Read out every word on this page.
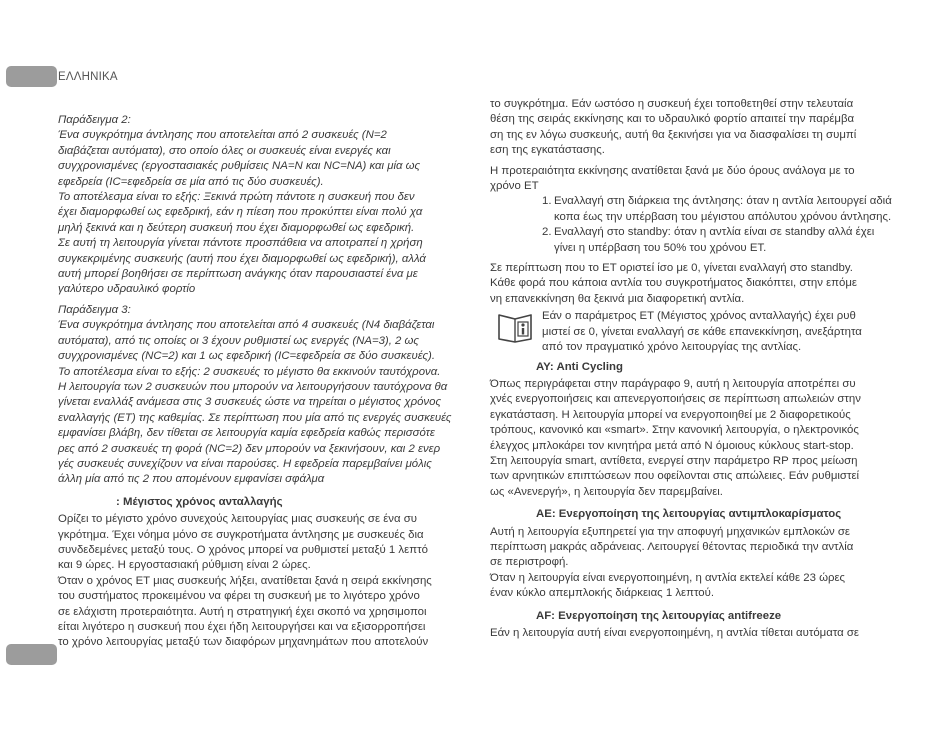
ΕΛΛΗΝΙΚΑ

Παράδειγμα 2:

Ένα συγκρότημα άντλησης που αποτελείται από 2 συσκευές (N=2
διαβάζεται αυτόματα), στο οποίο όλες οι συσκευές είναι ενεργές και
συγχρονισμένες (εργοστασιακές ρυθμίσεις NA=N και NC=NA) και μία ως
εφεδρεία (IC=εφεδρεία σε μία από τις δύο συσκευές).
Το αποτέλεσμα είναι το εξής: Ξεκινά πρώτη πάντοτε η συσκευή που δεν
έχει διαμορφωθεί ως εφεδρική, εάν η πίεση που προκύπτει είναι πολύ χα
μηλή ξεκινά και η δεύτερη συσκευή που έχει διαμορφωθεί ως εφεδρική.
Σε αυτή τη λειτουργία γίνεται πάντοτε προσπάθεια να αποτραπεί η χρήση
συγκεκριμένης συσκευής (αυτή που έχει διαμορφωθεί ως εφεδρική), αλλά
αυτή μπορεί βοηθήσει σε περίπτωση ανάγκης όταν παρουσιαστεί ένα με
γαλύτερο υδραυλικό φορτίο

Παράδειγμα 3:

Ένα συγκρότημα άντλησης που αποτελείται από 4 συσκευές (N4 διαβάζεται
αυτόματα), από τις οποίες οι 3 έχουν ρυθμιστεί ως ενεργές (NA=3), 2 ως
συγχρονισμένες (NC=2) και 1 ως εφεδρική (IC=εφεδρεία σε δύο συσκευές).
Το αποτέλεσμα είναι το εξής: 2 συσκευές το μέγιστο θα εκκινούν ταυτόχρονα.
Η λειτουργία των 2 συσκευών που μπορούν να λειτουργήσουν ταυτόχρονα θα
γίνεται εναλλάξ ανάμεσα στις 3 συσκευές ώστε να τηρείται ο μέγιστος χρόνος
εναλλαγής (ET) της καθεμίας. Σε περίπτωση που μία από τις ενεργές συσκευές
εμφανίσει βλάβη, δεν τίθεται σε λειτουργία καμία εφεδρεία καθώς περισσότε
ρες από 2 συσκευές τη φορά (NC=2) δεν μπορούν να ξεκινήσουν, και 2 ενερ
γές συσκευές συνεχίζουν να είναι παρούσες. Η εφεδρεία παρεμβαίνει μόλις
άλλη μία από τις 2 που απομένουν εμφανίσει σφάλμα

: Μέγιστος χρόνος ανταλλαγής

Ορίζει το μέγιστο χρόνο συνεχούς λειτουργίας μιας συσκευής σε ένα συ
γκρότημα. Έχει νόημα μόνο σε συγκροτήματα άντλησης με συσκευές δια
συνδεδεμένες μεταξύ τους. Ο χρόνος μπορεί να ρυθμιστεί μεταξύ 1 λεπτό
και 9 ώρες. Η εργοστασιακή ρύθμιση είναι 2 ώρες.
Όταν ο χρόνος ET μιας συσκευής λήξει, ανατίθεται ξανά η σειρά εκκίνησης
του συστήματος προκειμένου να φέρει τη συσκευή με το λιγότερο χρόνο
σε ελάχιστη προτεραιότητα. Αυτή η στρατηγική έχει σκοπό να χρησιμοποι
είται λιγότερο η συσκευή που έχει ήδη λειτουργήσει και να εξισορροπήσει
το χρόνο λειτουργίας μεταξύ των διαφόρων μηχανημάτων που αποτελούν
το συγκρότημα. Εάν ωστόσο η συσκευή έχει τοποθετηθεί στην τελευταία
θέση της σειράς εκκίνησης και το υδραυλικό φορτίο απαιτεί την παρέμβα
ση της εν λόγω συσκευής, αυτή θα ξεκινήσει για να διασφαλίσει τη συμπί
εση της εγκατάστασης.
Η προτεραιότητα εκκίνησης ανατίθεται ξανά με δύο όρους ανάλογα με το
χρόνο ET
1. Εναλλαγή στη διάρκεια της άντλησης: όταν η αντλία λειτουργεί αδιά
κοπα έως την υπέρβαση του μέγιστου απόλυτου χρόνου άντλησης.
2. Εναλλαγή στο standby: όταν η αντλία είναι σε standby αλλά έχει
γίνει η υπέρβαση του 50% του χρόνου ET.
Σε περίπτωση που το ET οριστεί ίσο με 0, γίνεται εναλλαγή στο standby.
Κάθε φορά που κάποια αντλία του συγκροτήματος διακόπτει, στην επόμε
νη επανεκκίνηση θα ξεκινά μια διαφορετική αντλία.
Εάν ο παράμετρος ET (Μέγιστος χρόνος ανταλλαγής) έχει ρυθ
μιστεί σε 0, γίνεται εναλλαγή σε κάθε επανεκκίνηση, ανεξάρτητα
από τον πραγματικό χρόνο λειτουργίας της αντλίας.

AY: Anti Cycling

Όπως περιγράφεται στην παράγραφο 9, αυτή η λειτουργία αποτρέπει συ
χνές ενεργοποιήσεις και απενεργοποιήσεις σε περίπτωση απωλειών στην
εγκατάσταση. Η λειτουργία μπορεί να ενεργοποιηθεί με 2 διαφορετικούς
τρόπους, κανονικό και «smart». Στην κανονική λειτουργία, ο ηλεκτρονικός
έλεγχος μπλοκάρει τον κινητήρα μετά από N όμοιους κύκλους start-stop.
Στη λειτουργία smart, αντίθετα, ενεργεί στην παράμετρο RP προς μείωση
των αρνητικών επιπτώσεων που οφείλονται στις απώλειες. Εάν ρυθμιστεί
ως «Ανενεργή», η λειτουργία δεν παρεμβαίνει.

AE: Ενεργοποίηση της λειτουργίας αντιμπλοκαρίσματος

Αυτή η λειτουργία εξυπηρετεί για την αποφυγή μηχανικών εμπλοκών σε
περίπτωση μακράς αδράνειας. Λειτουργεί θέτοντας περιοδικά την αντλία
σε περιστροφή.
Όταν η λειτουργία είναι ενεργοποιημένη, η αντλία εκτελεί κάθε 23 ώρες
έναν κύκλο απεμπλοκής διάρκειας 1 λεπτού.

AF: Ενεργοποίηση της λειτουργίας antifreeze

Εάν η λειτουργία αυτή είναι ενεργοποιημένη, η αντλία τίθεται αυτόματα σε
